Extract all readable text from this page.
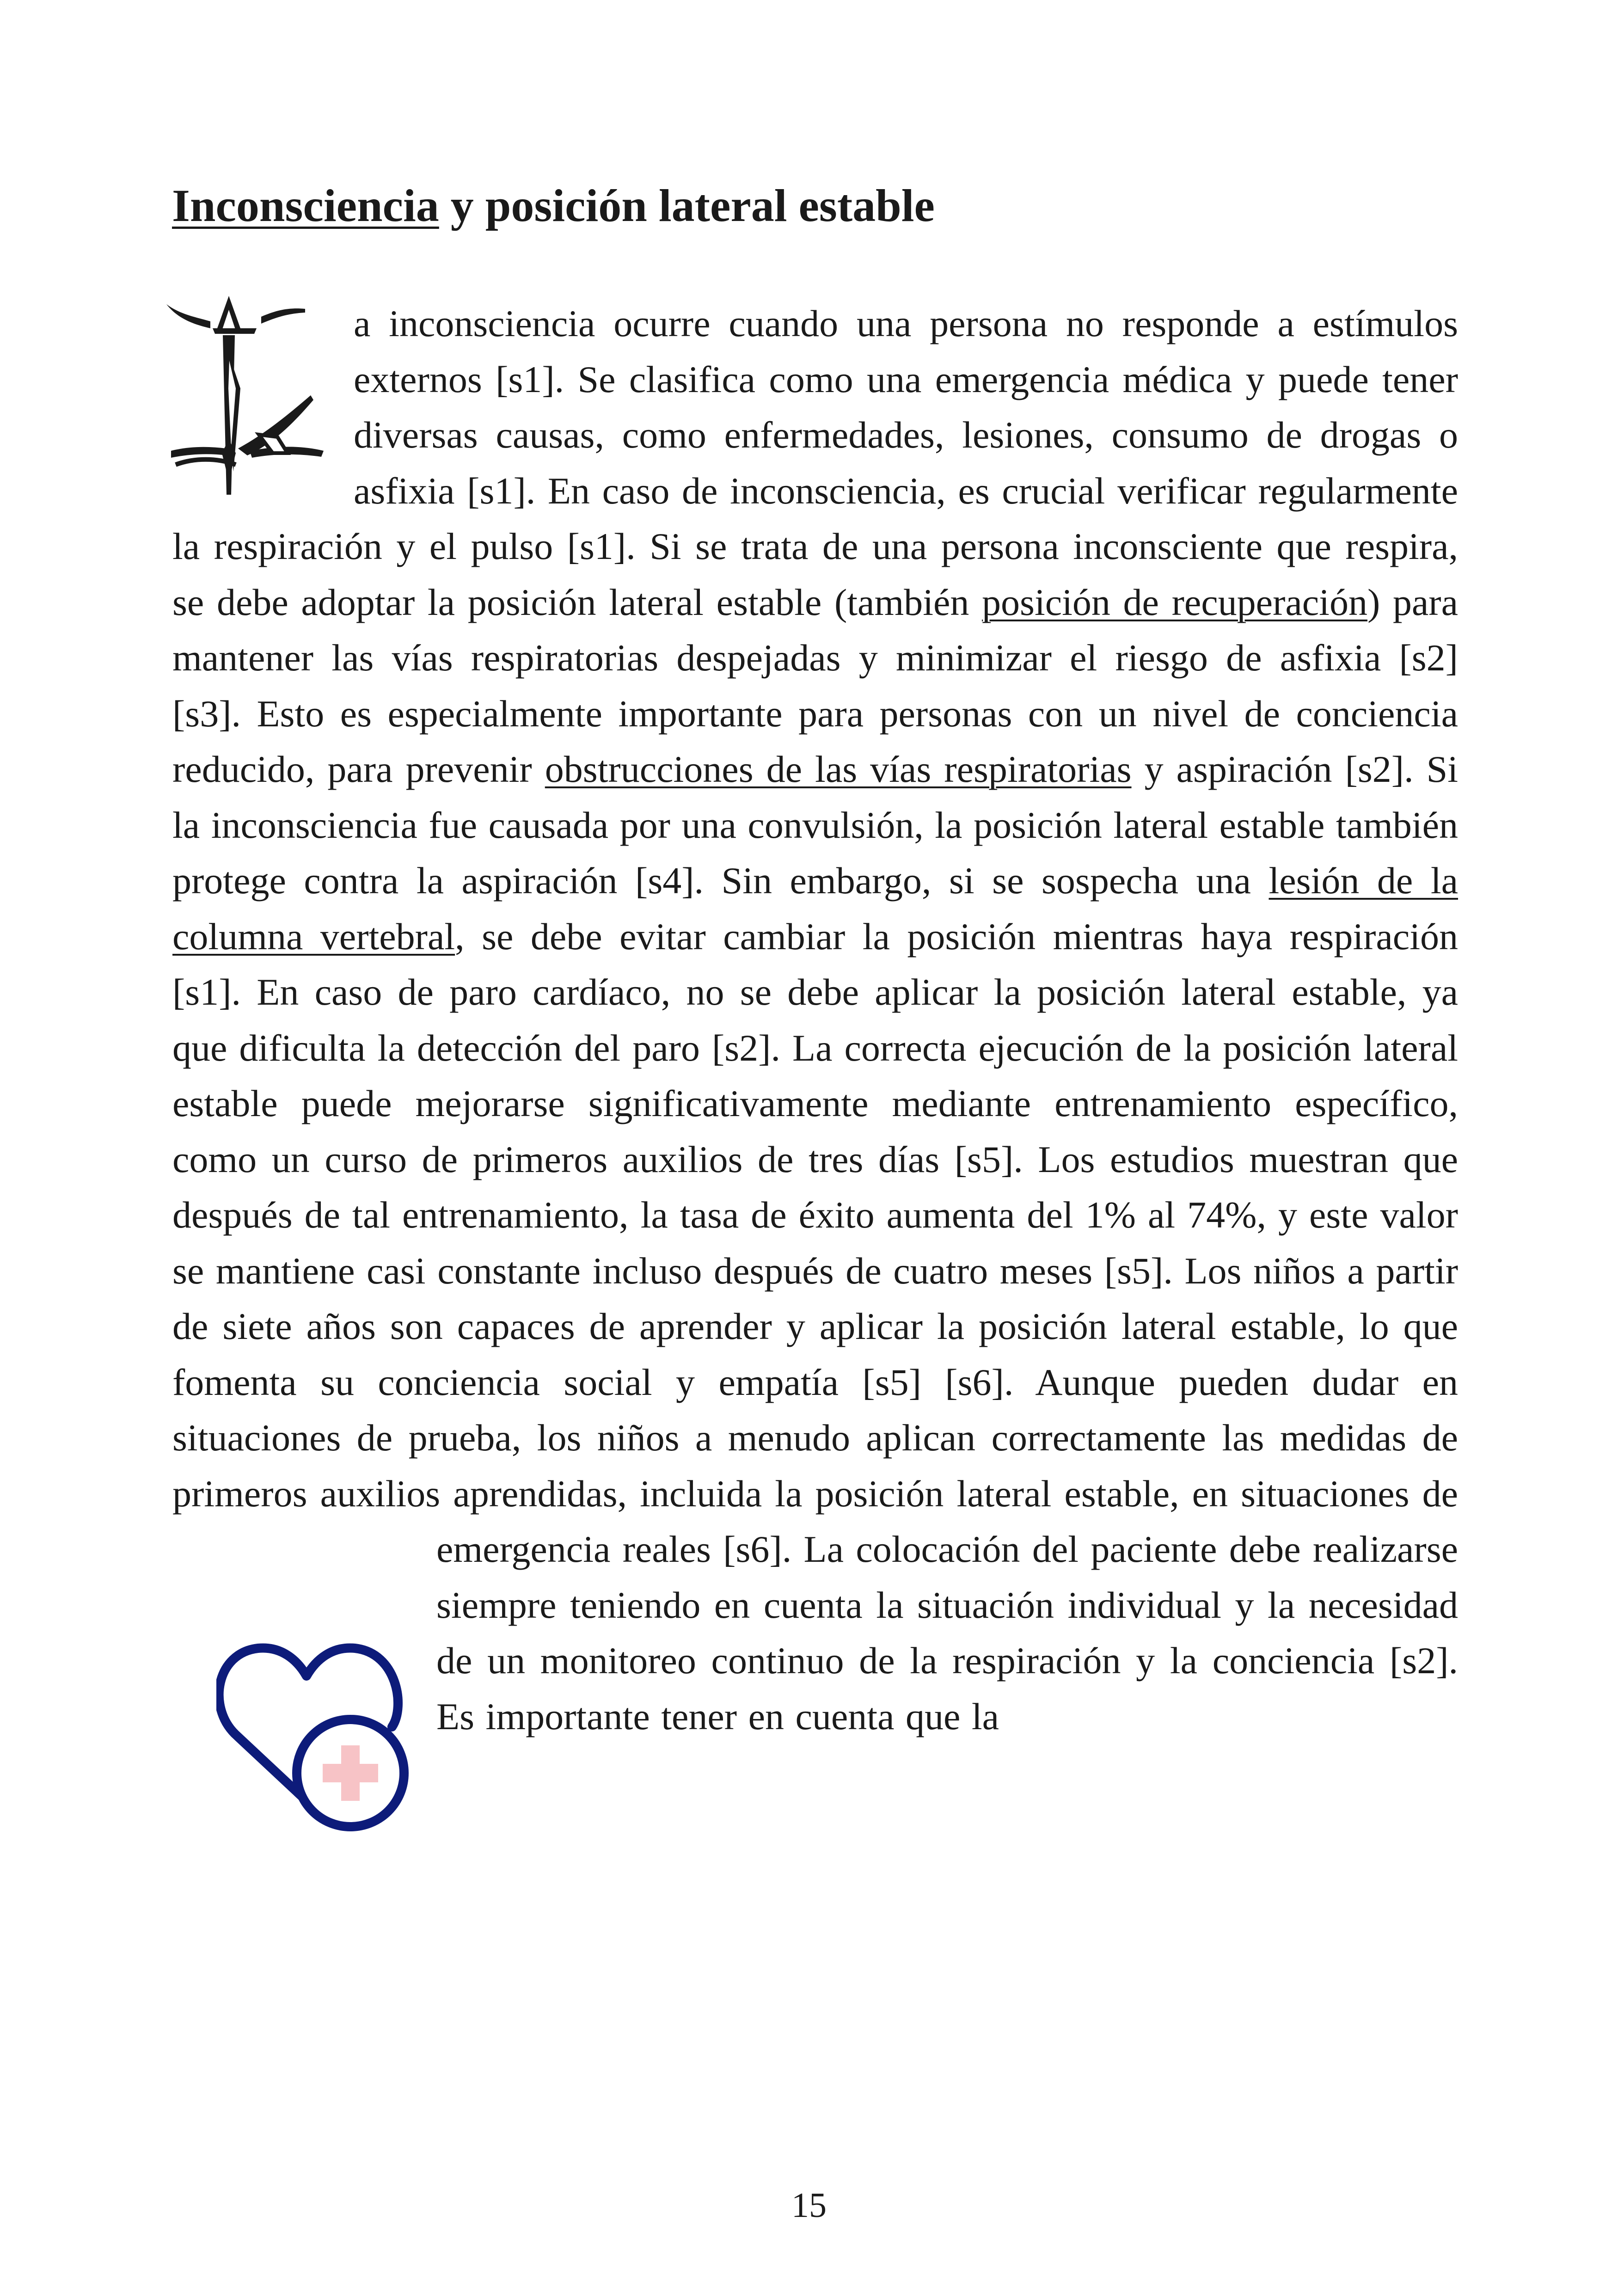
Inconsciencia y posición lateral estable

a inconsciencia ocurre cuando una persona no responde a estímulos externos [s1]. Se clasifica como una emergencia médica y puede tener diversas causas, como enfermedades, lesiones, consumo de drogas o asfixia [s1]. En caso de inconsciencia, es crucial verificar regularmente la respiración y el pulso [s1]. Si se trata de una persona inconsciente que respira, se debe adoptar la posición lateral estable (también posición de recuperación) para mantener las vías respiratorias despejadas y minimizar el riesgo de asfixia [s2] [s3]. Esto es especialmente importante para personas con un nivel de conciencia reducido, para prevenir obstrucciones de las vías respiratorias y aspiración [s2]. Si la inconsciencia fue causada por una convulsión, la posición lateral estable también protege contra la aspiración [s4]. Sin embargo, si se sospecha una lesión de la columna vertebral, se debe evitar cambiar la posición mientras haya respiración [s1]. En caso de paro cardíaco, no se debe aplicar la posición lateral estable, ya que dificulta la detección del paro [s2]. La correcta ejecución de la posición lateral estable puede mejorarse significativamente mediante entrenamiento específico, como un curso de primeros auxilios de tres días [s5]. Los estudios muestran que después de tal entrenamiento, la tasa de éxito aumenta del 1% al 74%, y este valor se mantiene casi constante incluso después de cuatro meses [s5]. Los niños a partir de siete años son capaces de aprender y aplicar la posición lateral estable, lo que fomenta su conciencia social y empatía [s5] [s6]. Aunque pueden dudar en situaciones de prueba, los niños a menudo aplican correctamente las medidas de primeros auxilios aprendidas, incluida la posición lateral estable, en situaciones de emergencia reales [s6]. La colocación del paciente debe realizarse siempre teniendo en cuenta la situación individual y la necesidad de un monitoreo continuo de la respiración y la conciencia [s2]. Es importante tener en cuenta que la

15
